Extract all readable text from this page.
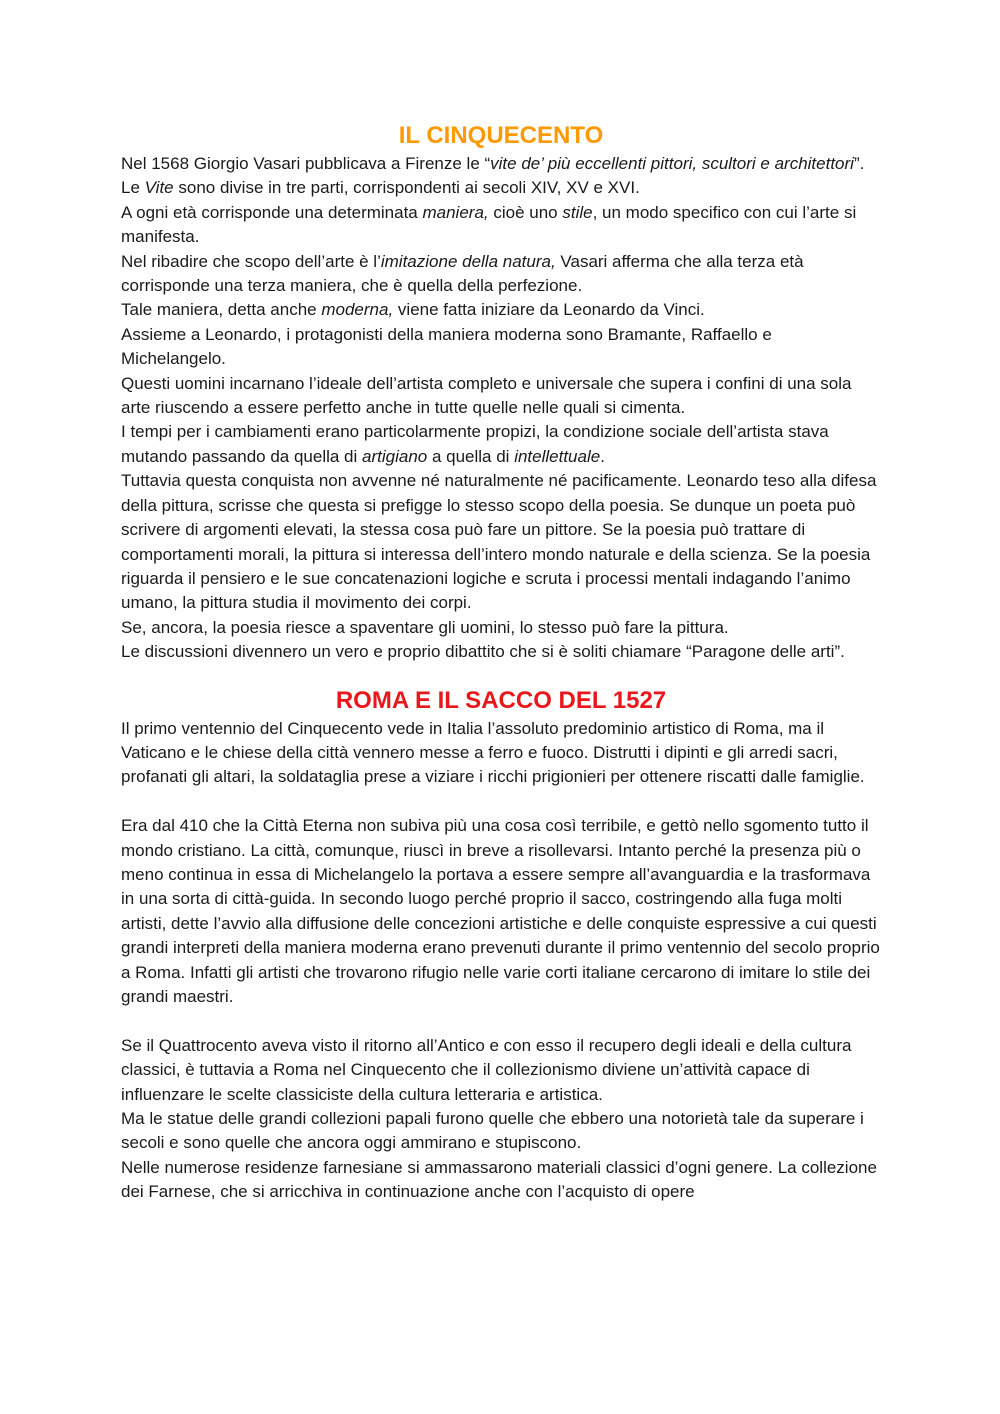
IL CINQUECENTO

Nel 1568 Giorgio Vasari pubblicava a Firenze le “vite de’ più eccellenti pittori, scultori e architettori”. Le Vite sono divise in tre parti, corrispondenti ai secoli XIV, XV e XVI.

A ogni età corrisponde una determinata maniera, cioè uno stile, un modo specifico con cui l’arte si manifesta.

Nel ribadire che scopo dell’arte è l’imitazione della natura, Vasari afferma che alla terza età corrisponde una terza maniera, che è quella della perfezione.

Tale maniera, detta anche moderna, viene fatta iniziare da Leonardo da Vinci.

Assieme a Leonardo, i protagonisti della maniera moderna sono Bramante, Raffaello e Michelangelo.

Questi uomini incarnano l’ideale dell’artista completo e universale che supera i confini di una sola arte riuscendo a essere perfetto anche in tutte quelle nelle quali si cimenta.

I tempi per i cambiamenti erano particolarmente propizi, la condizione sociale dell’artista stava mutando passando da quella di artigiano a quella di intellettuale.

Tuttavia questa conquista non avvenne né naturalmente né pacificamente. Leonardo teso alla difesa della pittura, scrisse che questa si prefigge lo stesso scopo della poesia. Se dunque un poeta può scrivere di argomenti elevati, la stessa cosa può fare un pittore. Se la poesia può trattare di comportamenti morali, la pittura si interessa dell’intero mondo naturale e della scienza. Se la poesia riguarda il pensiero e le sue concatenazioni logiche e scruta i processi mentali indagando l’animo umano, la pittura studia il movimento dei corpi.

Se, ancora, la poesia riesce a spaventare gli uomini, lo stesso può fare la pittura.

Le discussioni divennero un vero e proprio dibattito che si è soliti chiamare “Paragone delle arti”.

ROMA E IL SACCO DEL 1527

Il primo ventennio del Cinquecento vede in Italia l’assoluto predominio artistico di Roma, ma il Vaticano e le chiese della città vennero messe a ferro e fuoco. Distrutti i dipinti e gli arredi sacri, profanati gli altari, la soldataglia prese a viziare i ricchi prigionieri per ottenere riscatti dalle famiglie.

Era dal 410 che la Città Eterna non subiva più una cosa così terribile, e gettò nello sgomento tutto il mondo cristiano. La città, comunque, riuscì in breve a risollevarsi. Intanto perché la presenza più o meno continua in essa di Michelangelo la portava a essere sempre all’avanguardia e la trasformava in una sorta di città-guida. In secondo luogo perché proprio il sacco, costringendo alla fuga molti artisti, dette l’avvio alla diffusione delle concezioni artistiche e delle conquiste espressive a cui questi grandi interpreti della maniera moderna erano prevenuti durante il primo ventennio del secolo proprio a Roma. Infatti gli artisti che trovarono rifugio nelle varie corti italiane cercarono di imitare lo stile dei grandi maestri.

Se il Quattrocento aveva visto il ritorno all’Antico e con esso il recupero degli ideali e della cultura classici, è tuttavia a Roma nel Cinquecento che il collezionismo diviene un’attività capace di influenzare le scelte classiciste della cultura letteraria e artistica.

Ma le statue delle grandi collezioni papali furono quelle che ebbero una notorietà tale da superare i secoli e sono quelle che ancora oggi ammirano e stupiscono.

Nelle numerose residenze farnesiane si ammassarono materiali classici d’ogni genere. La collezione dei Farnese, che si arricchiva in continuazione anche con l’acquisto di opere
